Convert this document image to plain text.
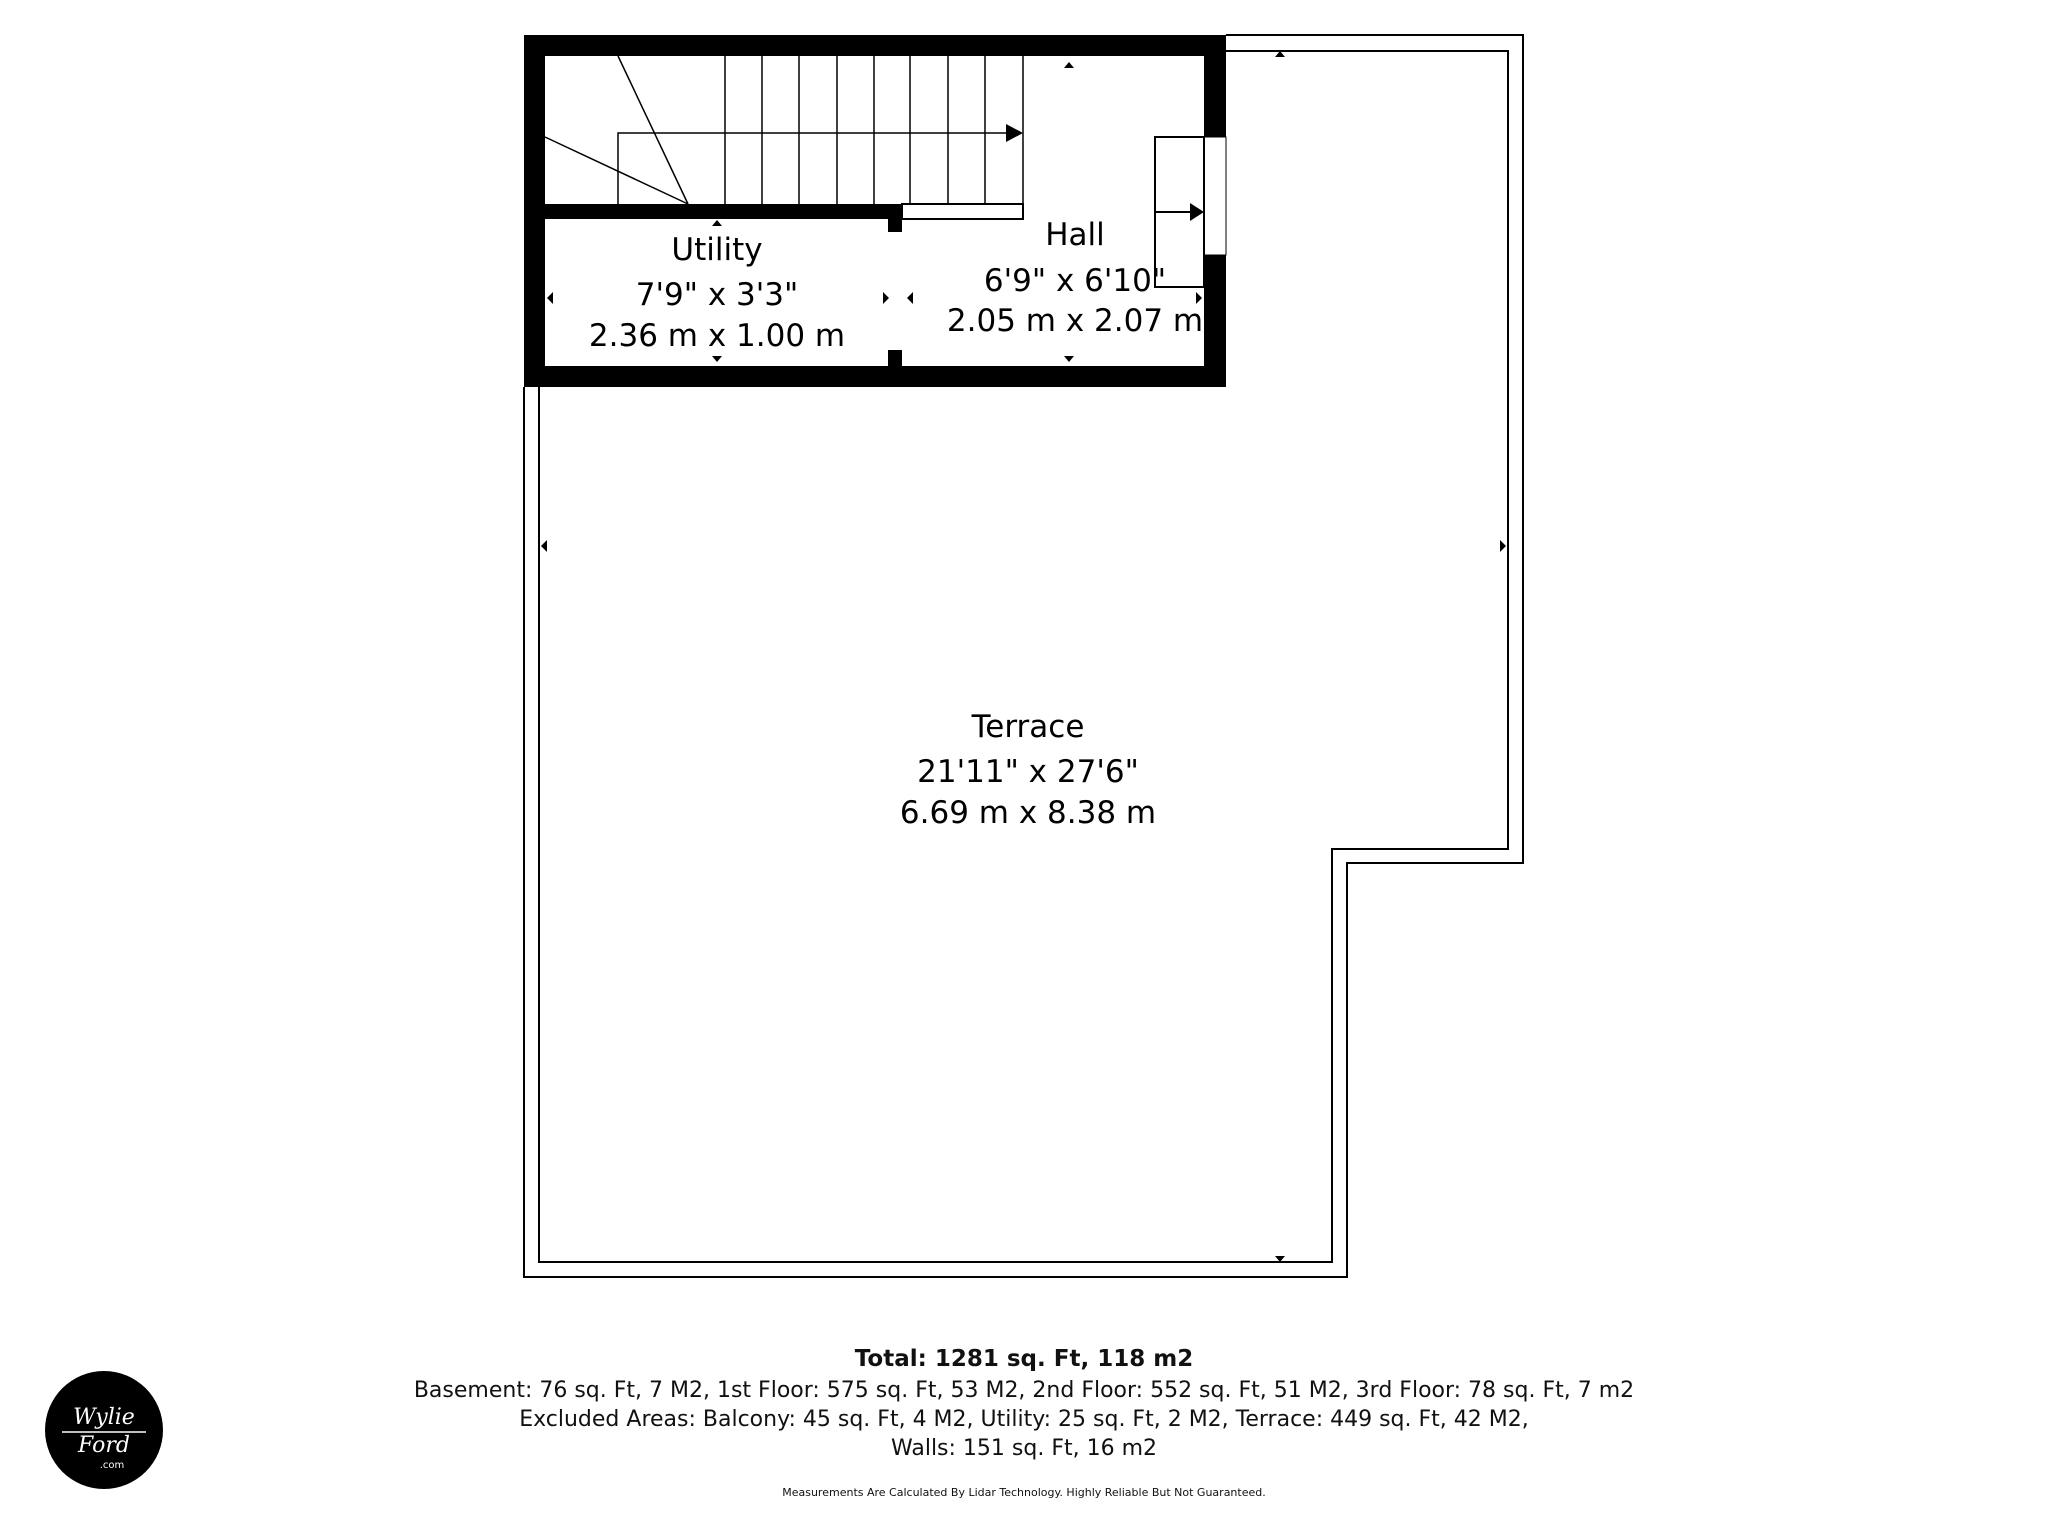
Utility
7'9" x 3'3"
2.36 m x 1.00 m
Hall
6'9" x 6'10"
2.05 m x 2.07 m
Terrace
21'11" x 27'6"
6.69 m x 8.38 m
Wylie
Ford
.com
Total: 1281 sq. Ft, 118 m2
Basement: 76 sq. Ft, 7 M2, 1st Floor: 575 sq. Ft, 53 M2, 2nd Floor: 552 sq. Ft, 51 M2, 3rd Floor: 78 sq. Ft, 7 m2
Excluded Areas: Balcony: 45 sq. Ft, 4 M2, Utility: 25 sq. Ft, 2 M2, Terrace: 449 sq. Ft, 42 M2,
Walls: 151 sq. Ft, 16 m2
Measurements Are Calculated By Lidar Technology. Highly Reliable But Not Guaranteed.
